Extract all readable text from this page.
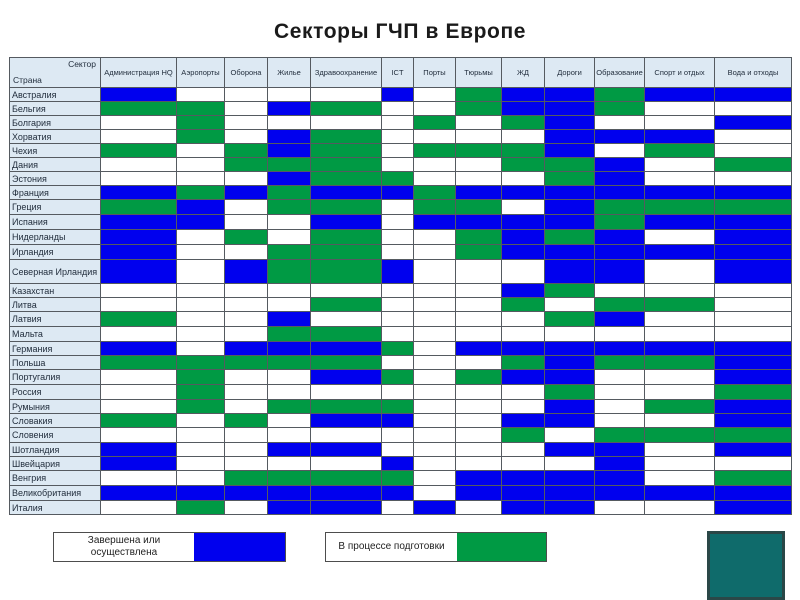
Секторы ГЧП в Европе
Сектор
Страна	Администрация HQ	Аэропорты	Оборона	Жилье	Здравоохранение	ICT	Порты	Тюрьмы	ЖД	Дороги	Образование	Спорт и отдых	Вода и отходы
Австралия													
Бельгия													
Болгария													
Хорватия													
Чехия													
Дания													
Эстония													
Франция													
Греция													
Испания													
Нидерланды													
Ирландия													
Северная Ирландия													
Казахстан													
Литва													
Латвия													
Мальта													
Германия													
Польша													
Португалия													
Россия													
Румыния													
Словакия													
Словения													
Шотландия													
Швейцария													
Венгрия													
Великобритания													
Италия													
Завершена или осуществлена
В процессе подготовки
